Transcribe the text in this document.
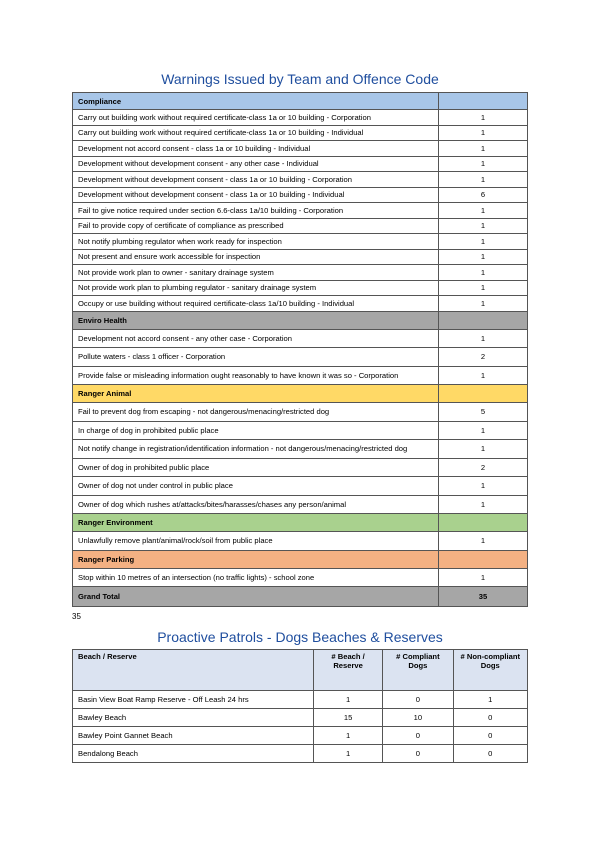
Warnings Issued by Team and Offence Code
Compliance	
Carry out building work without required certificate-class 1a or 10 building - Corporation	1
Carry out building work without required certificate-class 1a or 10 building - Individual	1
Development not accord consent - class 1a or 10 building - Individual	1
Development without development consent - any other case - Individual	1
Development without development consent - class 1a or 10 building - Corporation	1
Development without development consent - class 1a or 10 building - Individual	6
Fail to give notice required under section 6.6-class 1a/10 building - Corporation	1
Fail to provide copy of certificate of compliance as prescribed	1
Not notify plumbing regulator when work ready for inspection	1
Not present and ensure work accessible for inspection	1
Not provide work plan to owner - sanitary drainage system	1
Not provide work plan to plumbing regulator - sanitary drainage system	1
Occupy or use building without required certificate-class 1a/10 building - Individual	1
Enviro Health	
Development not accord consent - any other case - Corporation	1
Pollute waters - class 1 officer - Corporation	2
Provide false or misleading information ought reasonably to have known it was so - Corporation	1
Ranger Animal	
Fail to prevent dog from escaping - not dangerous/menacing/restricted dog	5
In charge of dog in prohibited public place	1
Not notify change in registration/identification information - not dangerous/menacing/restricted dog	1
Owner of dog in prohibited public place	2
Owner of dog not under control in public place	1
Owner of dog which rushes at/attacks/bites/harasses/chases any person/animal	1
Ranger Environment	
Unlawfully remove plant/animal/rock/soil from public place	1
Ranger Parking	
Stop within 10 metres of an intersection (no traffic lights) - school zone	1
Grand Total	35
35
Proactive Patrols - Dogs Beaches & Reserves
Beach / Reserve	# Beach / Reserve	# Compliant Dogs	# Non-compliant Dogs
Basin View Boat Ramp Reserve - Off Leash 24 hrs	1	0	1
Bawley Beach	15	10	0
Bawley Point Gannet Beach	1	0	0
Bendalong Beach	1	0	0
